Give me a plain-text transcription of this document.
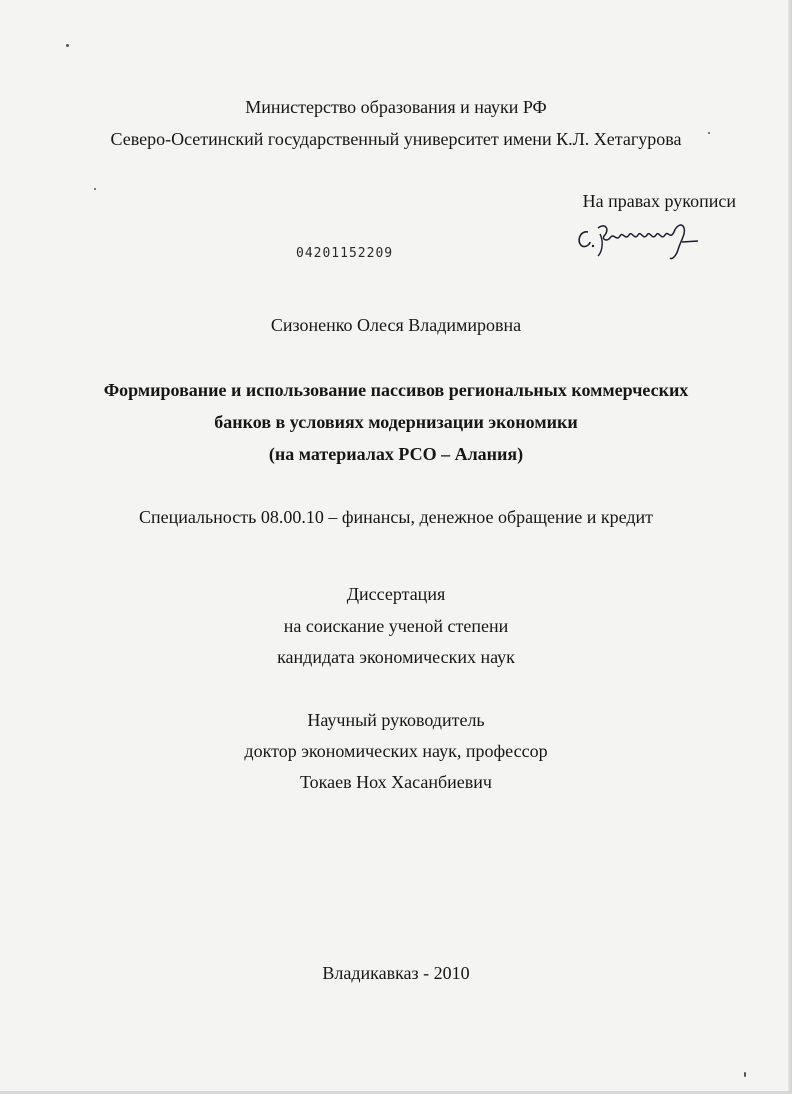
Министерство образования и науки РФ
Северо-Осетинский государственный университет имени К.Л. Хетагурова
На правах рукописи
04201152209
Сизоненко Олеся Владимировна
Формирование и использование пассивов региональных коммерческих
банков в условиях модернизации экономики
(на материалах РСО – Алания)
Специальность 08.00.10 – финансы, денежное обращение и кредит
Диссертация
на соискание ученой степени
кандидата экономических наук
Научный руководитель
доктор экономических наук, профессор
Токаев Нох Хасанбиевич
Владикавказ - 2010
